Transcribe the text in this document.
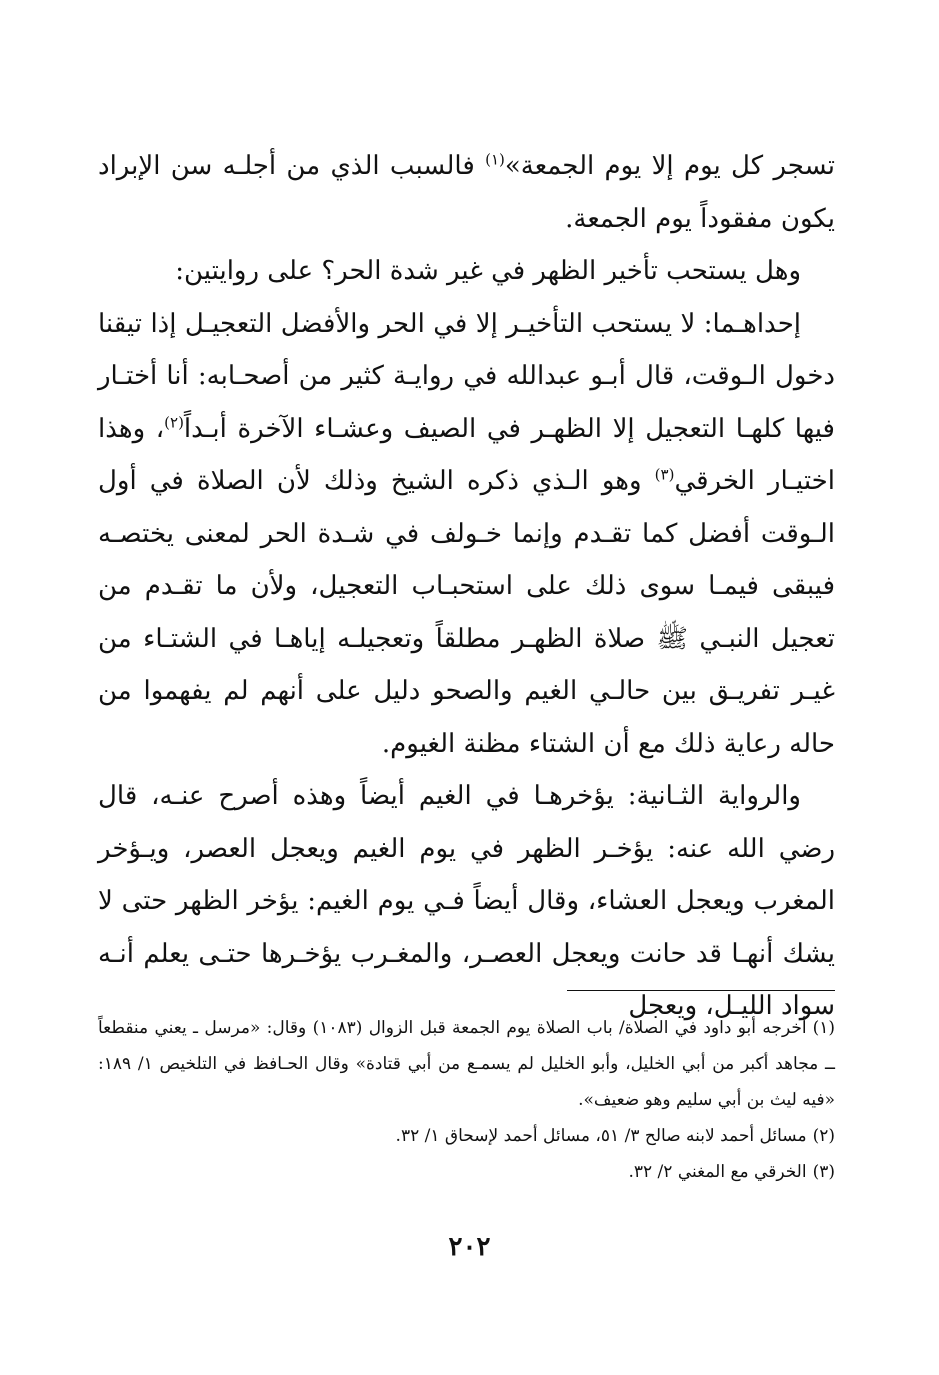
تسجر كل يوم إلا يوم الجمعة»$^{(١)}$ فالسبب الذي من أجلـه سن الإبراد يكون مفقوداً يوم الجمعة.

وهل يستحب تأخير الظهر في غير شدة الحر؟ على روايتين:

إحداهـما: لا يستحب التأخيـر إلا في الحر والأفضل التعجيـل إذا تيقنا دخول الـوقت، قال أبـو عبدالله في روايـة كثير من أصحـابه: أنا أختـار فيها كلهـا التعجيل إلا الظهـر في الصيف وعشـاء الآخرة أبـداً$^{(٢)}$، وهذا اختيـار الخرقي$^{(٣)}$ وهو الـذي ذكره الشيخ وذلك لأن الصلاة في أول الـوقت أفضل كما تقـدم وإنما خـولف في شـدة الحر لمعنى يختصـه فيبقى فيمـا سوى ذلك على استحبـاب التعجيل، ولأن ما تقـدم من تعجيل النبـي ﷺ صلاة الظهـر مطلقاً وتعجيلـه إياهـا في الشتـاء من غيـر تفريـق بين حالـي الغيم والصحو دليل على أنهم لم يفهموا من حاله رعاية ذلك مع أن الشتاء مظنة الغيوم.

والرواية الثـانية: يؤخرهـا في الغيم أيضاً وهذه أصرح عنـه، قال رضي الله عنه: يؤخـر الظهر في يوم الغيم ويعجل العصر، ويـؤخر المغرب ويعجل العشاء، وقال أيضاً فـي يوم الغيم: يؤخر الظهر حتى لا يشك أنهـا قد حانت ويعجل العصـر، والمغـرب يؤخـرها حتـى يعلم أنـه سواد الليـل، ويعجل

(١)أخرجه أبو داود في الصلاة/ باب الصلاة يوم الجمعة قبل الزوال (١٠٨٣) وقال: «مرسل ـ يعني منقطعاً ــ مجاهد أكبر من أبي الخليل، وأبو الخليل لم يسمـع من أبي قتادة» وقال الحـافظ في التلخيص ١/ ١٨٩: «فيه ليث بن أبي سليم وهو ضعيف».

(٢)مسائل أحمد لابنه صالح ٣/ ٥١، مسائل أحمد لإسحاق ١/ ٣٢.

(٣)الخرقي مع المغني ٢/ ٣٢.

٢٠٢
